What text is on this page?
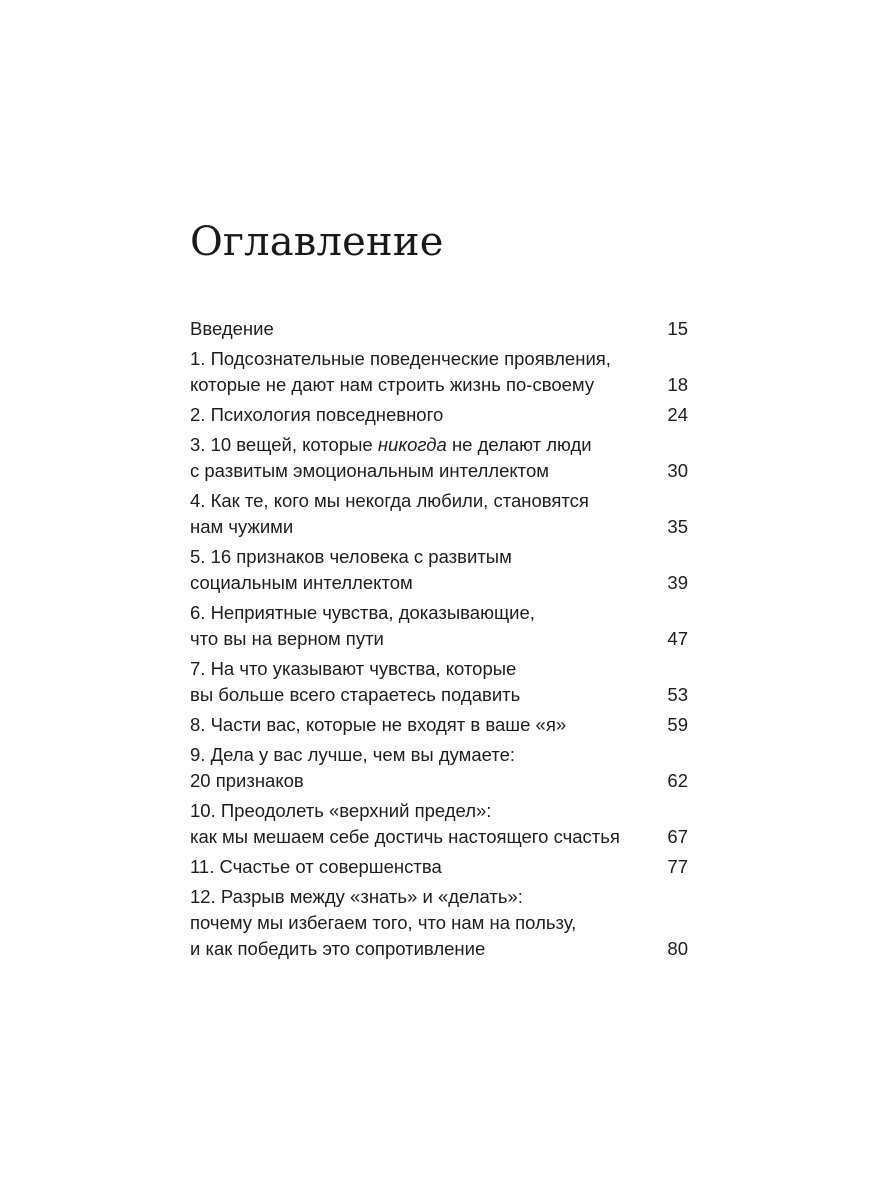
Оглавление
Введение	15
1. Подсознательные поведенческие проявления,
которые не дают нам строить жизнь по-своему	18
2. Психология повседневного	24
3. 10 вещей, которые никогда не делают люди
с развитым эмоциональным интеллектом	30
4. Как те, кого мы некогда любили, становятся
нам чужими	35
5. 16 признаков человека с развитым
социальным интеллектом	39
6. Неприятные чувства, доказывающие,
что вы на верном пути	47
7. На что указывают чувства, которые
вы больше всего стараетесь подавить	53
8. Части вас, которые не входят в ваше «я»	59
9. Дела у вас лучше, чем вы думаете:
20 признаков	62
10. Преодолеть «верхний предел»:
как мы мешаем себе достичь настоящего счастья	67
11. Счастье от совершенства	77
12. Разрыв между «знать» и «делать»:
почему мы избегаем того, что нам на пользу,
и как победить это сопротивление	80
